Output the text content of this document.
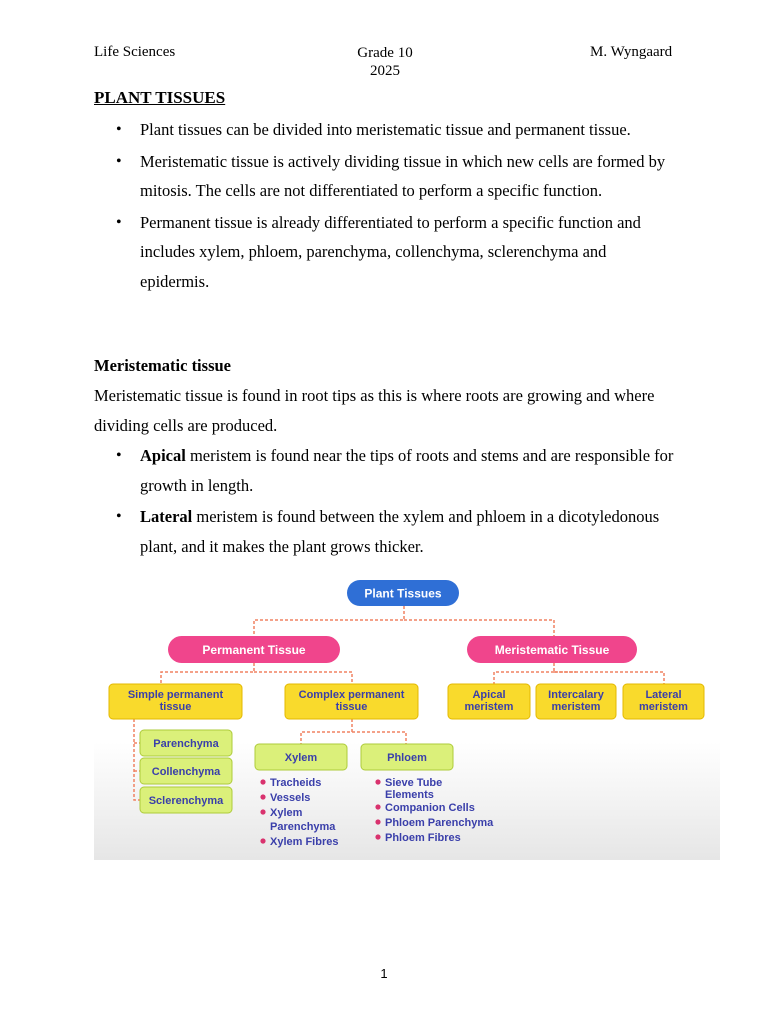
Life Sciences	Grade 10
2025
M. Wyngaard
PLANT TISSUES
• Plant tissues can be divided into meristematic tissue and permanent tissue.
• Meristematic tissue is actively dividing tissue in which new cells are formed by mitosis. The cells are not differentiated to perform a specific function.
• Permanent tissue is already differentiated to perform a specific function and includes xylem, phloem, parenchyma, collenchyma, sclerenchyma and epidermis.
Meristematic tissue

Meristematic tissue is found in root tips as this is where roots are growing and where dividing cells are produced.

• Apical meristem is found near the tips of roots and stems and are responsible for growth in length.
• Lateral meristem is found between the xylem and phloem in a dicotyledonous plant, and it makes the plant grows thicker.
Plant Tissues
Permanent Tissue	Meristematic Tissue
Simple permanent
tissue
Complex permanent
tissue
Apical
meristem
Intercalary
meristem
Lateral
meristem
Parenchyma
Collenchyma
Sclerenchyma
Xylem	Phloem
Tracheids
Vessels
Xylem
Parenchyma
Xylem Fibres
Sieve Tube
Elements
Companion Cells
Phloem Parenchyma
Phloem Fibres
1
